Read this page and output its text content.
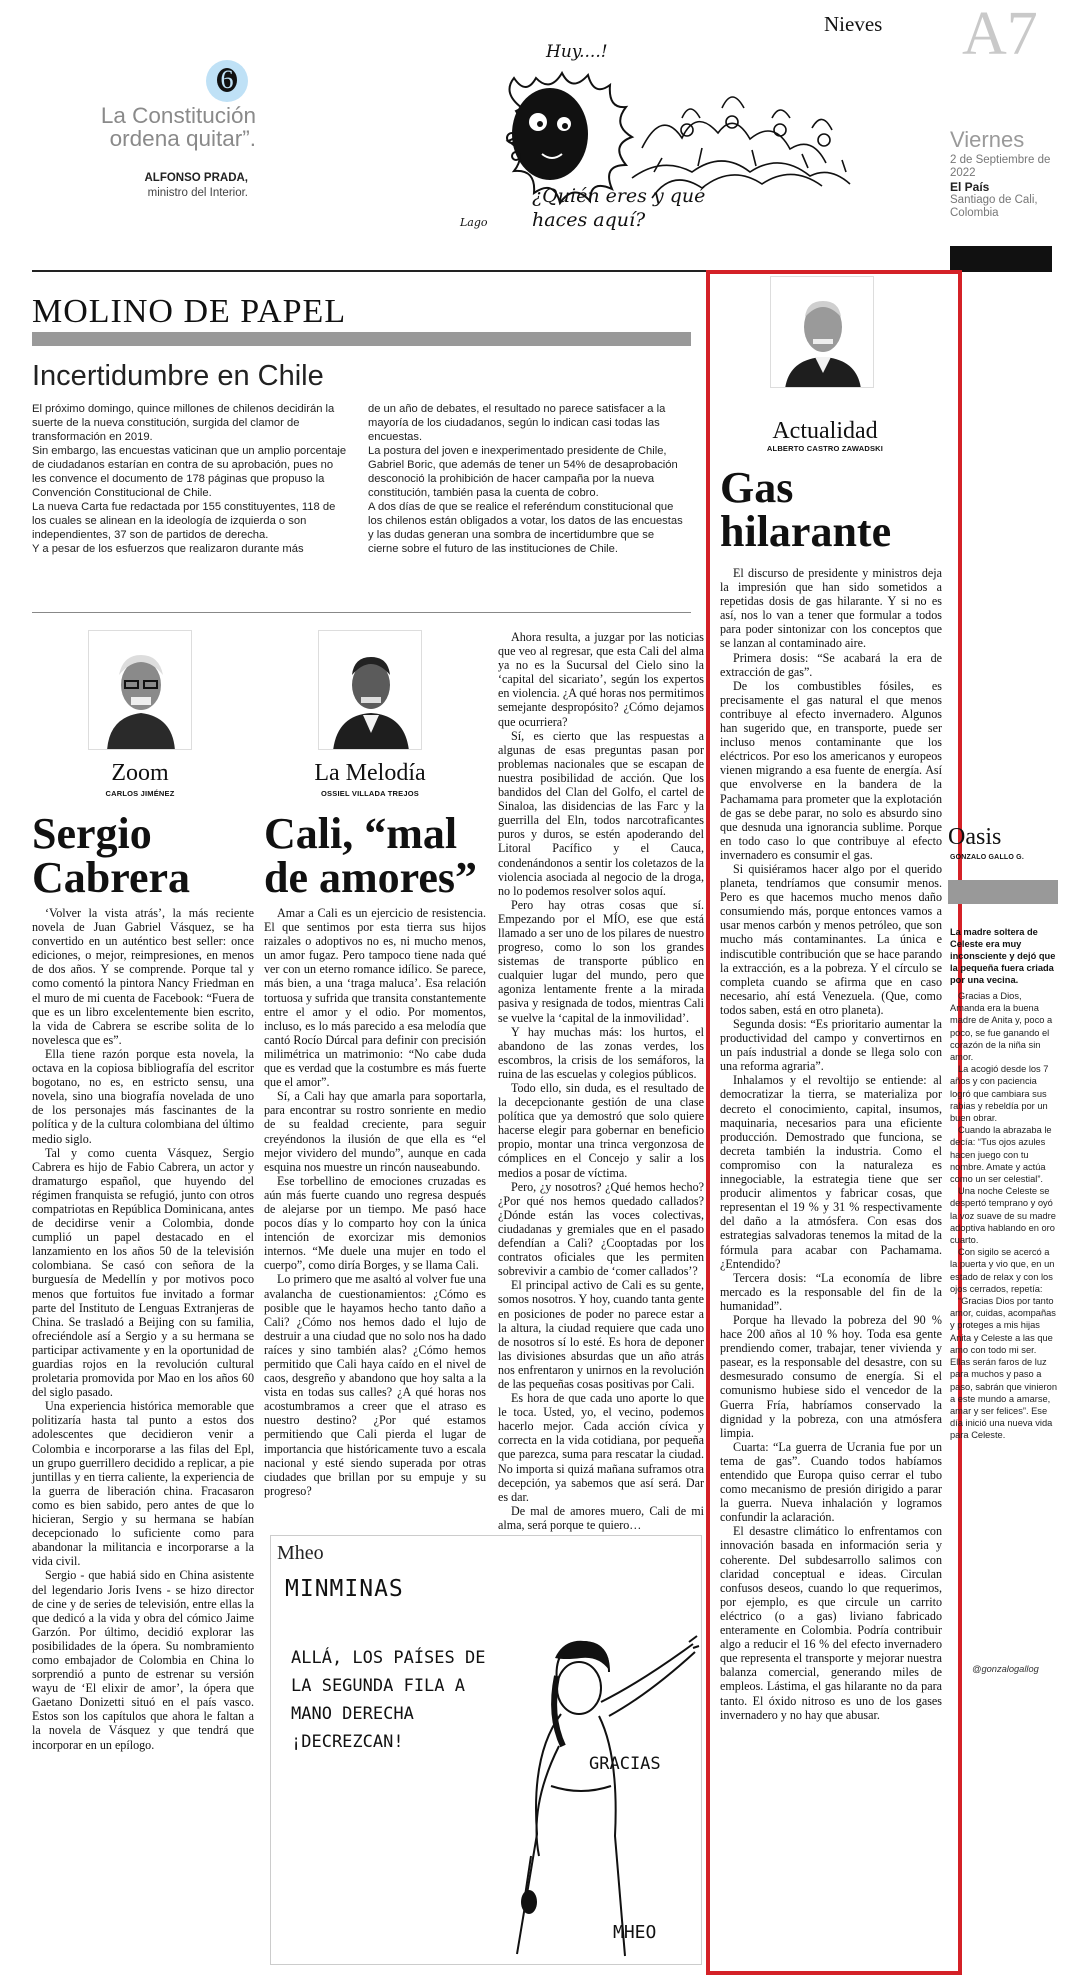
Nieves A7
Viernes
2 de Septiembre de 2022
El País
Santiago de Cali, Colombia
6
La Constitución ordena quitar”.
ALFONSO PRADA,
ministro del Interior.
Huy....!
¿Quién eres y qué haces aquí?
Lago
MOLINO DE PAPEL
Incertidumbre en Chile

El próximo domingo, quince millones de chilenos decidirán la suerte de la nueva constitución, surgida del clamor de transformación en 2019.

Sin embargo, las encuestas vaticinan que un amplio porcentaje de ciudadanos estarían en contra de su aprobación, pues no les convence el documento de 178 páginas que propuso la Convención Constitucional de Chile.

La nueva Carta fue redactada por 155 constituyentes, 118 de los cuales se alinean en la ideología de izquierda o son independientes, 37 son de partidos de derecha.

Y a pesar de los esfuerzos que realizaron durante más

de un año de debates, el resultado no parece satisfacer a la mayoría de los ciudadanos, según lo indican casi todas las encuestas.

La postura del joven e inexperimentado presidente de Chile, Gabriel Boric, que además de tener un 54% de desaprobación desconoció la prohibición de hacer campaña por la nueva constitución, también pasa la cuenta de cobro.

A dos días de que se realice el referéndum constitucional que los chilenos están obligados a votar, los datos de las encuestas y las dudas generan una sombra de incertidumbre que se cierne sobre el futuro de las instituciones de Chile.

Zoom
CARLOS JIMÉNEZ
Sergio Cabrera

‘Volver la vista atrás’, la más reciente novela de Juan Gabriel Vásquez, se ha convertido en un auténtico best seller: once ediciones, o mejor, reimpresiones, en menos de dos años. Y se comprende. Porque tal y como comentó la pintora Nancy Friedman en el muro de mi cuenta de Facebook: “Fuera de que es un libro excelentemente bien escrito, la vida de Cabrera se escribe solita de lo novelesca que es”.

Ella tiene razón porque esta novela, la octava en la copiosa bibliografía del escritor bogotano, no es, en estricto sensu, una novela, sino una biografía novelada de uno de los personajes más fascinantes de la política y de la cultura colombiana del último medio siglo.

Tal y como cuenta Vásquez, Sergio Cabrera es hijo de Fabio Cabrera, un actor y dramaturgo español, que huyendo del régimen franquista se refugió, junto con otros compatriotas en República Dominicana, antes de decidirse venir a Colombia, donde cumplió un papel destacado en el lanzamiento en los años 50 de la televisión colombiana. Se casó con señora de la burguesía de Medellín y por motivos poco menos que fortuitos fue invitado a formar parte del Instituto de Lenguas Extranjeras de China. Se trasladó a Beijing con su familia, ofreciéndole así a Sergio y a su hermana se participar activamente y en la oportunidad de guardias rojos en la revolución cultural proletaria promovida por Mao en los años 60 del siglo pasado.

Una experiencia histórica memorable que politizaría hasta tal punto a estos dos adolescentes que decidieron venir a Colombia e incorporarse a las filas del Epl, un grupo guerrillero decidido a replicar, a pie juntillas y en tierra caliente, la experiencia de la guerra de liberación china. Fracasaron como es bien sabido, pero antes de que lo hicieran, Sergio y su hermana se habían decepcionado lo suficiente como para abandonar la militancia e incorporarse a la vida civil.

Sergio - que habiá sido en China asistente del legendario Joris Ivens - se hizo director de cine y de series de televisión, entre ellas la que dedicó a la vida y obra del cómico Jaime Garzón. Por último, decidió explorar las posibilidades de la ópera. Su nombramiento como embajador de Colombia en China lo sorprendió a punto de estrenar su versión wayu de ‘El elixir de amor’, la ópera que Gaetano Donizetti situó en el país vasco. Estos son los capítulos que ahora le faltan a la novela de Vásquez y que tendrá que incorporar en un epílogo.

La Melodía
OSSIEL VILLADA TREJOS
Cali, “mal de amores”

Amar a Cali es un ejercicio de resistencia. El que sentimos por esta tierra sus hijos raizales o adoptivos no es, ni mucho menos, un amor fugaz. Pero tampoco tiene nada qué ver con un eterno romance idílico. Se parece, más bien, a una ‘traga maluca’. Esa relación tortuosa y sufrida que transita constantemente entre el amor y el odio. Por momentos, incluso, es lo más parecido a esa melodía que cantó Rocío Dúrcal para definir con precisión milimétrica un matrimonio: “No cabe duda que es verdad que la costumbre es más fuerte que el amor”.

Sí, a Cali hay que amarla para soportarla, para encontrar su rostro sonriente en medio de su fealdad creciente, para seguir creyéndonos la ilusión de que ella es “el mejor vividero del mundo”, aunque en cada esquina nos muestre un rincón nauseabundo.

Ese torbellino de emociones cruzadas es aún más fuerte cuando uno regresa después de alejarse por un tiempo. Me pasó hace pocos días y lo comparto hoy con la única intención de exorcizar mis demonios internos. “Me duele una mujer en todo el cuerpo”, como diría Borges, y se llama Cali.

Lo primero que me asaltó al volver fue una avalancha de cuestionamientos: ¿Cómo es posible que le hayamos hecho tanto daño a Cali? ¿Cómo nos hemos dado el lujo de destruir a una ciudad que no solo nos ha dado raíces y sino también alas? ¿Cómo hemos permitido que Cali haya caído en el nivel de caos, desgreño y abandono que hoy salta a la vista en todas sus calles? ¿A qué horas nos acostumbramos a creer que el atraso es nuestro destino? ¿Por qué estamos permitiendo que Cali pierda el lugar de importancia que históricamente tuvo a escala nacional y esté siendo superada por otras ciudades que brillan por su empuje y su progreso?

Ahora resulta, a juzgar por las noticias que veo al regresar, que esta Cali del alma ya no es la Sucursal del Cielo sino la ‘capital del sicariato’, según los expertos en violencia. ¿A qué horas nos permitimos semejante despropósito? ¿Cómo dejamos que ocurriera?

Sí, es cierto que las respuestas a algunas de esas preguntas pasan por problemas nacionales que se escapan de nuestra posibilidad de acción. Que los bandidos del Clan del Golfo, el cartel de Sinaloa, las disidencias de las Farc y la guerrilla del Eln, todos narcotraficantes puros y duros, se estén apoderando del Litoral Pacífico y el Cauca, condenándonos a sentir los coletazos de la violencia asociada al negocio de la droga, no lo podemos resolver solos aquí.

Pero hay otras cosas que sí. Empezando por el MÍO, ese que está llamado a ser uno de los pilares de nuestro progreso, como lo son los grandes sistemas de transporte público en cualquier lugar del mundo, pero que agoniza lentamente frente a la mirada pasiva y resignada de todos, mientras Cali se vuelve la ‘capital de la inmovilidad’.

Y hay muchas más: los hurtos, el abandono de las zonas verdes, los escombros, la crisis de los semáforos, la ruina de las escuelas y colegios públicos.

Todo ello, sin duda, es el resultado de la decepcionante gestión de una clase política que ya demostró que solo quiere hacerse elegir para gobernar en beneficio propio, montar una trinca vergonzosa de cómplices en el Concejo y salir a los medios a posar de víctima.

Pero, ¿y nosotros? ¿Qué hemos hecho? ¿Por qué nos hemos quedado callados? ¿Dónde están las voces colectivas, ciudadanas y gremiales que en el pasado defendían a Cali? ¿Cooptadas por los contratos oficiales que les permiten sobrevivir a cambio de ‘comer callados’?

El principal activo de Cali es su gente, somos nosotros. Y hoy, cuando tanta gente en posiciones de poder no parece estar a la altura, la ciudad requiere que cada uno de nosotros sí lo esté. Es hora de deponer las divisiones absurdas que un año atrás nos enfrentaron y unirnos en la revolución de las pequeñas cosas positivas por Cali.

Es hora de que cada uno aporte lo que le toca. Usted, yo, el vecino, podemos hacerlo mejor. Cada acción cívica y correcta en la vida cotidiana, por pequeña que parezca, suma para rescatar la ciudad. No importa si quizá mañana suframos otra decepción, ya sabemos que así será. Dar es dar.

De mal de amores muero, Cali de mi alma, será porque te quiero…

Mheo
MINMINAS
ALLÁ, LOS PAÍSES DE LA SEGUNDA FILA A MANO DERECHA ¡DECREZCAN!
GRACIAS
MHEO
Actualidad
ALBERTO CASTRO ZAWADSKI
Gas hilarante

El discurso de presidente y ministros deja la impresión que han sido sometidos a repetidas dosis de gas hilarante. Y si no es así, nos lo van a tener que formular a todos para poder sintonizar con los conceptos que se lanzan al contaminado aire.

Primera dosis: “Se acabará la era de extracción de gas”.

De los combustibles fósiles, es precisamente el gas natural el que menos contribuye al efecto invernadero. Algunos han sugerido que, en transporte, puede ser incluso menos contaminante que los eléctricos. Por eso los americanos y europeos vienen migrando a esa fuente de energía. Así que envolverse en la bandera de la Pachamama para prometer que la explotación de gas se debe parar, no solo es absurdo sino que desnuda una ignorancia sublime. Porque en todo caso lo que contribuye al efecto invernadero es consumir el gas.

Si quisiéramos hacer algo por el querido planeta, tendríamos que consumir menos. Pero es que hacemos mucho menos daño consumiendo más, porque entonces vamos a usar menos carbón y menos petróleo, que son mucho más contaminantes. La única e indiscutible contribución que se hace parando la extracción, es a la pobreza. Y el círculo se completa cuando se afirma que en caso necesario, ahí está Venezuela. (Que, como todos saben, está en otro planeta).

Segunda dosis: “Es prioritario aumentar la productividad del campo y convertirnos en un país industrial a donde se llega solo con una reforma agraria”.

Inhalamos y el revoltijo se entiende: al democratizar la tierra, se materializa por decreto el conocimiento, capital, insumos, maquinaria, necesarios para una eficiente producción. Demostrado que funciona, se decreta también la industria. Como el compromiso con la naturaleza es innegociable, la estrategia tiene que ser producir alimentos y fabricar cosas, que representan el 19 % y 31 % respectivamente del daño a la atmósfera. Con esas dos estrategias salvadoras tenemos la mitad de la fórmula para acabar con Pachamama. ¿Entendido?

Tercera dosis: “La economía de libre mercado es la responsable del fin de la humanidad”.

Porque ha llevado la pobreza del 90 % hace 200 años al 10 % hoy. Toda esa gente prendiendo comer, trabajar, tener vivienda y pasear, es la responsable del desastre, con su desmesurado consumo de energía. Si el comunismo hubiese sido el vencedor de la Guerra Fría, habríamos conservado la dignidad y la pobreza, con una atmósfera limpia.

Cuarta: “La guerra de Ucrania fue por un tema de gas”. Cuando todos habíamos entendido que Europa quiso cerrar el tubo como mecanismo de presión dirigido a parar la guerra. Nueva inhalación y logramos confundir la aclaración.

El desastre climático lo enfrentamos con innovación basada en información seria y coherente. Del subdesarrollo salimos con claridad conceptual e ideas. Circulan confusos deseos, cuando lo que requerimos, por ejemplo, es que circule un carrito eléctrico (o a gas) liviano fabricado enteramente en Colombia. Podría contribuir algo a reducir el 16 % del efecto invernadero que representa el transporte y mejorar nuestra balanza comercial, generando miles de empleos. Lástima, el gas hilarante no da para tanto. El óxido nitroso es uno de los gases invernadero y no hay que abusar.

Oasis
GONZALO GALLO G.
La madre soltera de Celeste era muy inconsciente y dejó que la pequeña fuera criada por una vecina.

Gracias a Dios, Amanda era la buena madre de Anita y, poco a poco, se fue ganando el corazón de la niña sin amor.

La acogió desde los 7 años y con paciencia logró que cambiara sus rabias y rebeldía por un buen obrar.

Cuando la abrazaba le decía: “Tus ojos azules hacen juego con tu nombre. Amate y actúa como un ser celestial”.

Una noche Celeste se despertó temprano y oyó la voz suave de su madre adoptiva hablando en oro cuarto.

Con sigilo se acercó a la puerta y vio que, en un estado de relax y con los ojos cerrados, repetía:

“Gracias Dios por tanto amor, cuidas, acompañas y proteges a mis hijas Anita y Celeste a las que amo con todo mi ser. Ellas serán faros de luz para muchos y paso a paso, sabrán que vinieron a este mundo a amarse, amar y ser felices”. Ese día inició una nueva vida para Celeste.

@gonzalogallog
